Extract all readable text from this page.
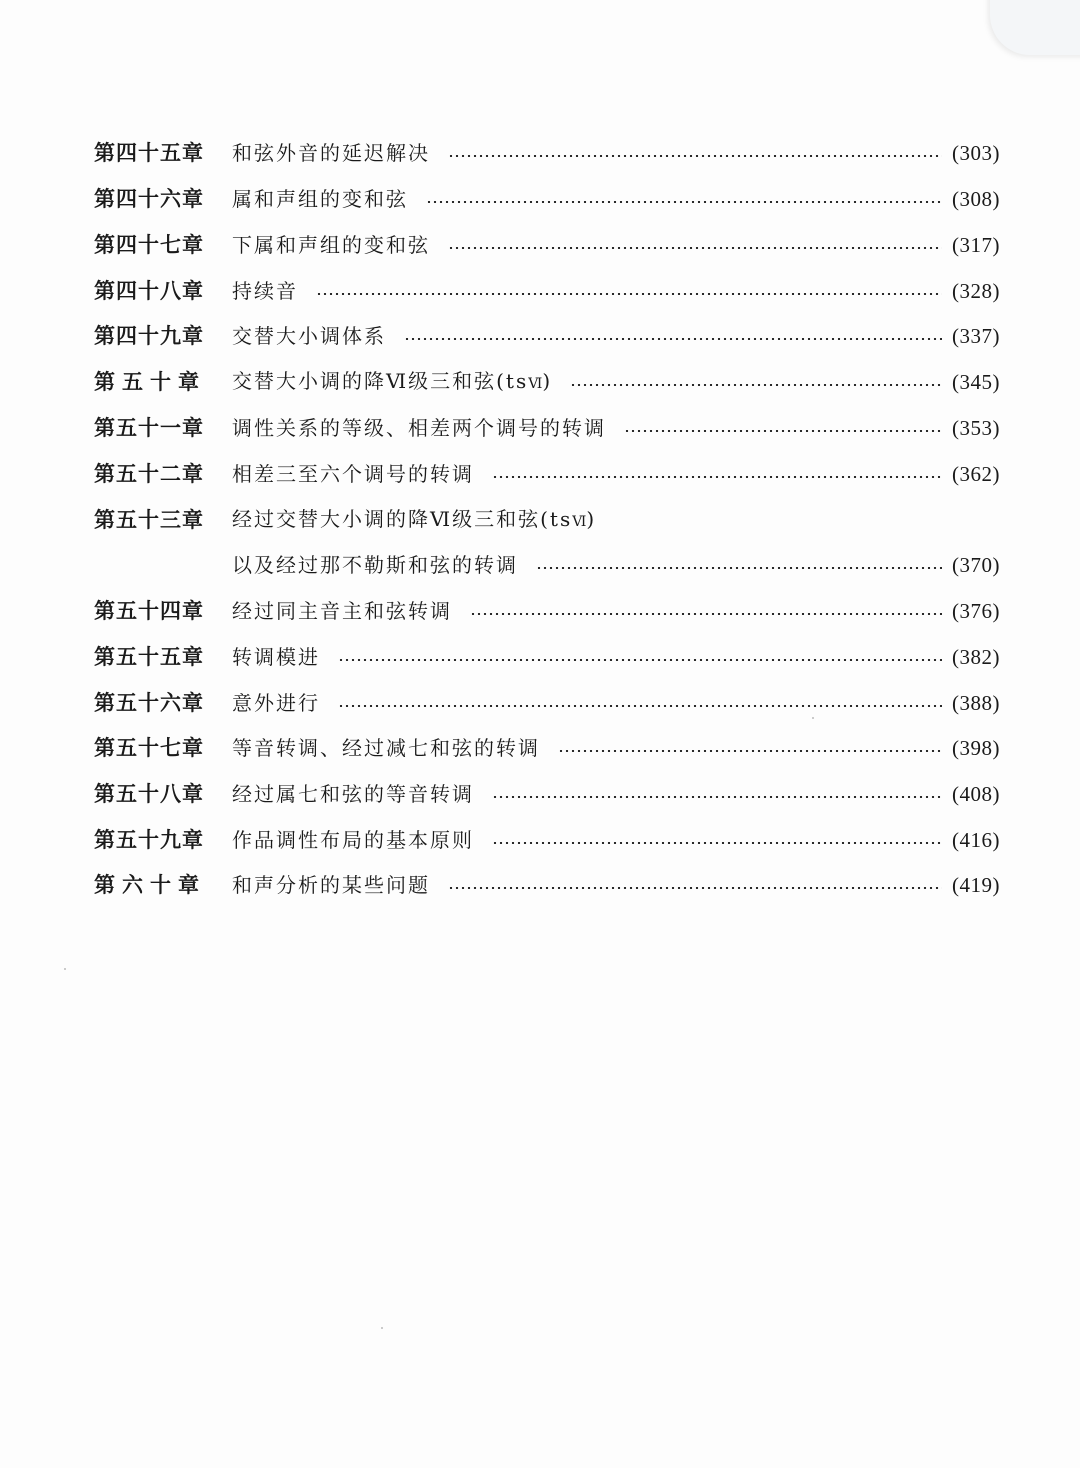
第四十五章	和弦外音的延迟解决	(303)
第四十六章	属和声组的变和弦	(308)
第四十七章	下属和声组的变和弦	(317)
第四十八章	持续音	(328)
第四十九章	交替大小调体系	(337)
第五十章	交替大小调的降Ⅵ级三和弦(tsⅥ)	(345)
第五十一章	调性关系的等级、相差两个调号的转调	(353)
第五十二章	相差三至六个调号的转调	(362)
第五十三章	经过交替大小调的降Ⅵ级三和弦(tsⅥ)
以及经过那不勒斯和弦的转调	(370)
第五十四章	经过同主音主和弦转调	(376)
第五十五章	转调模进	(382)
第五十六章	意外进行	(388)
第五十七章	等音转调、经过减七和弦的转调	(398)
第五十八章	经过属七和弦的等音转调	(408)
第五十九章	作品调性布局的基本原则	(416)
第六十章	和声分析的某些问题	(419)
